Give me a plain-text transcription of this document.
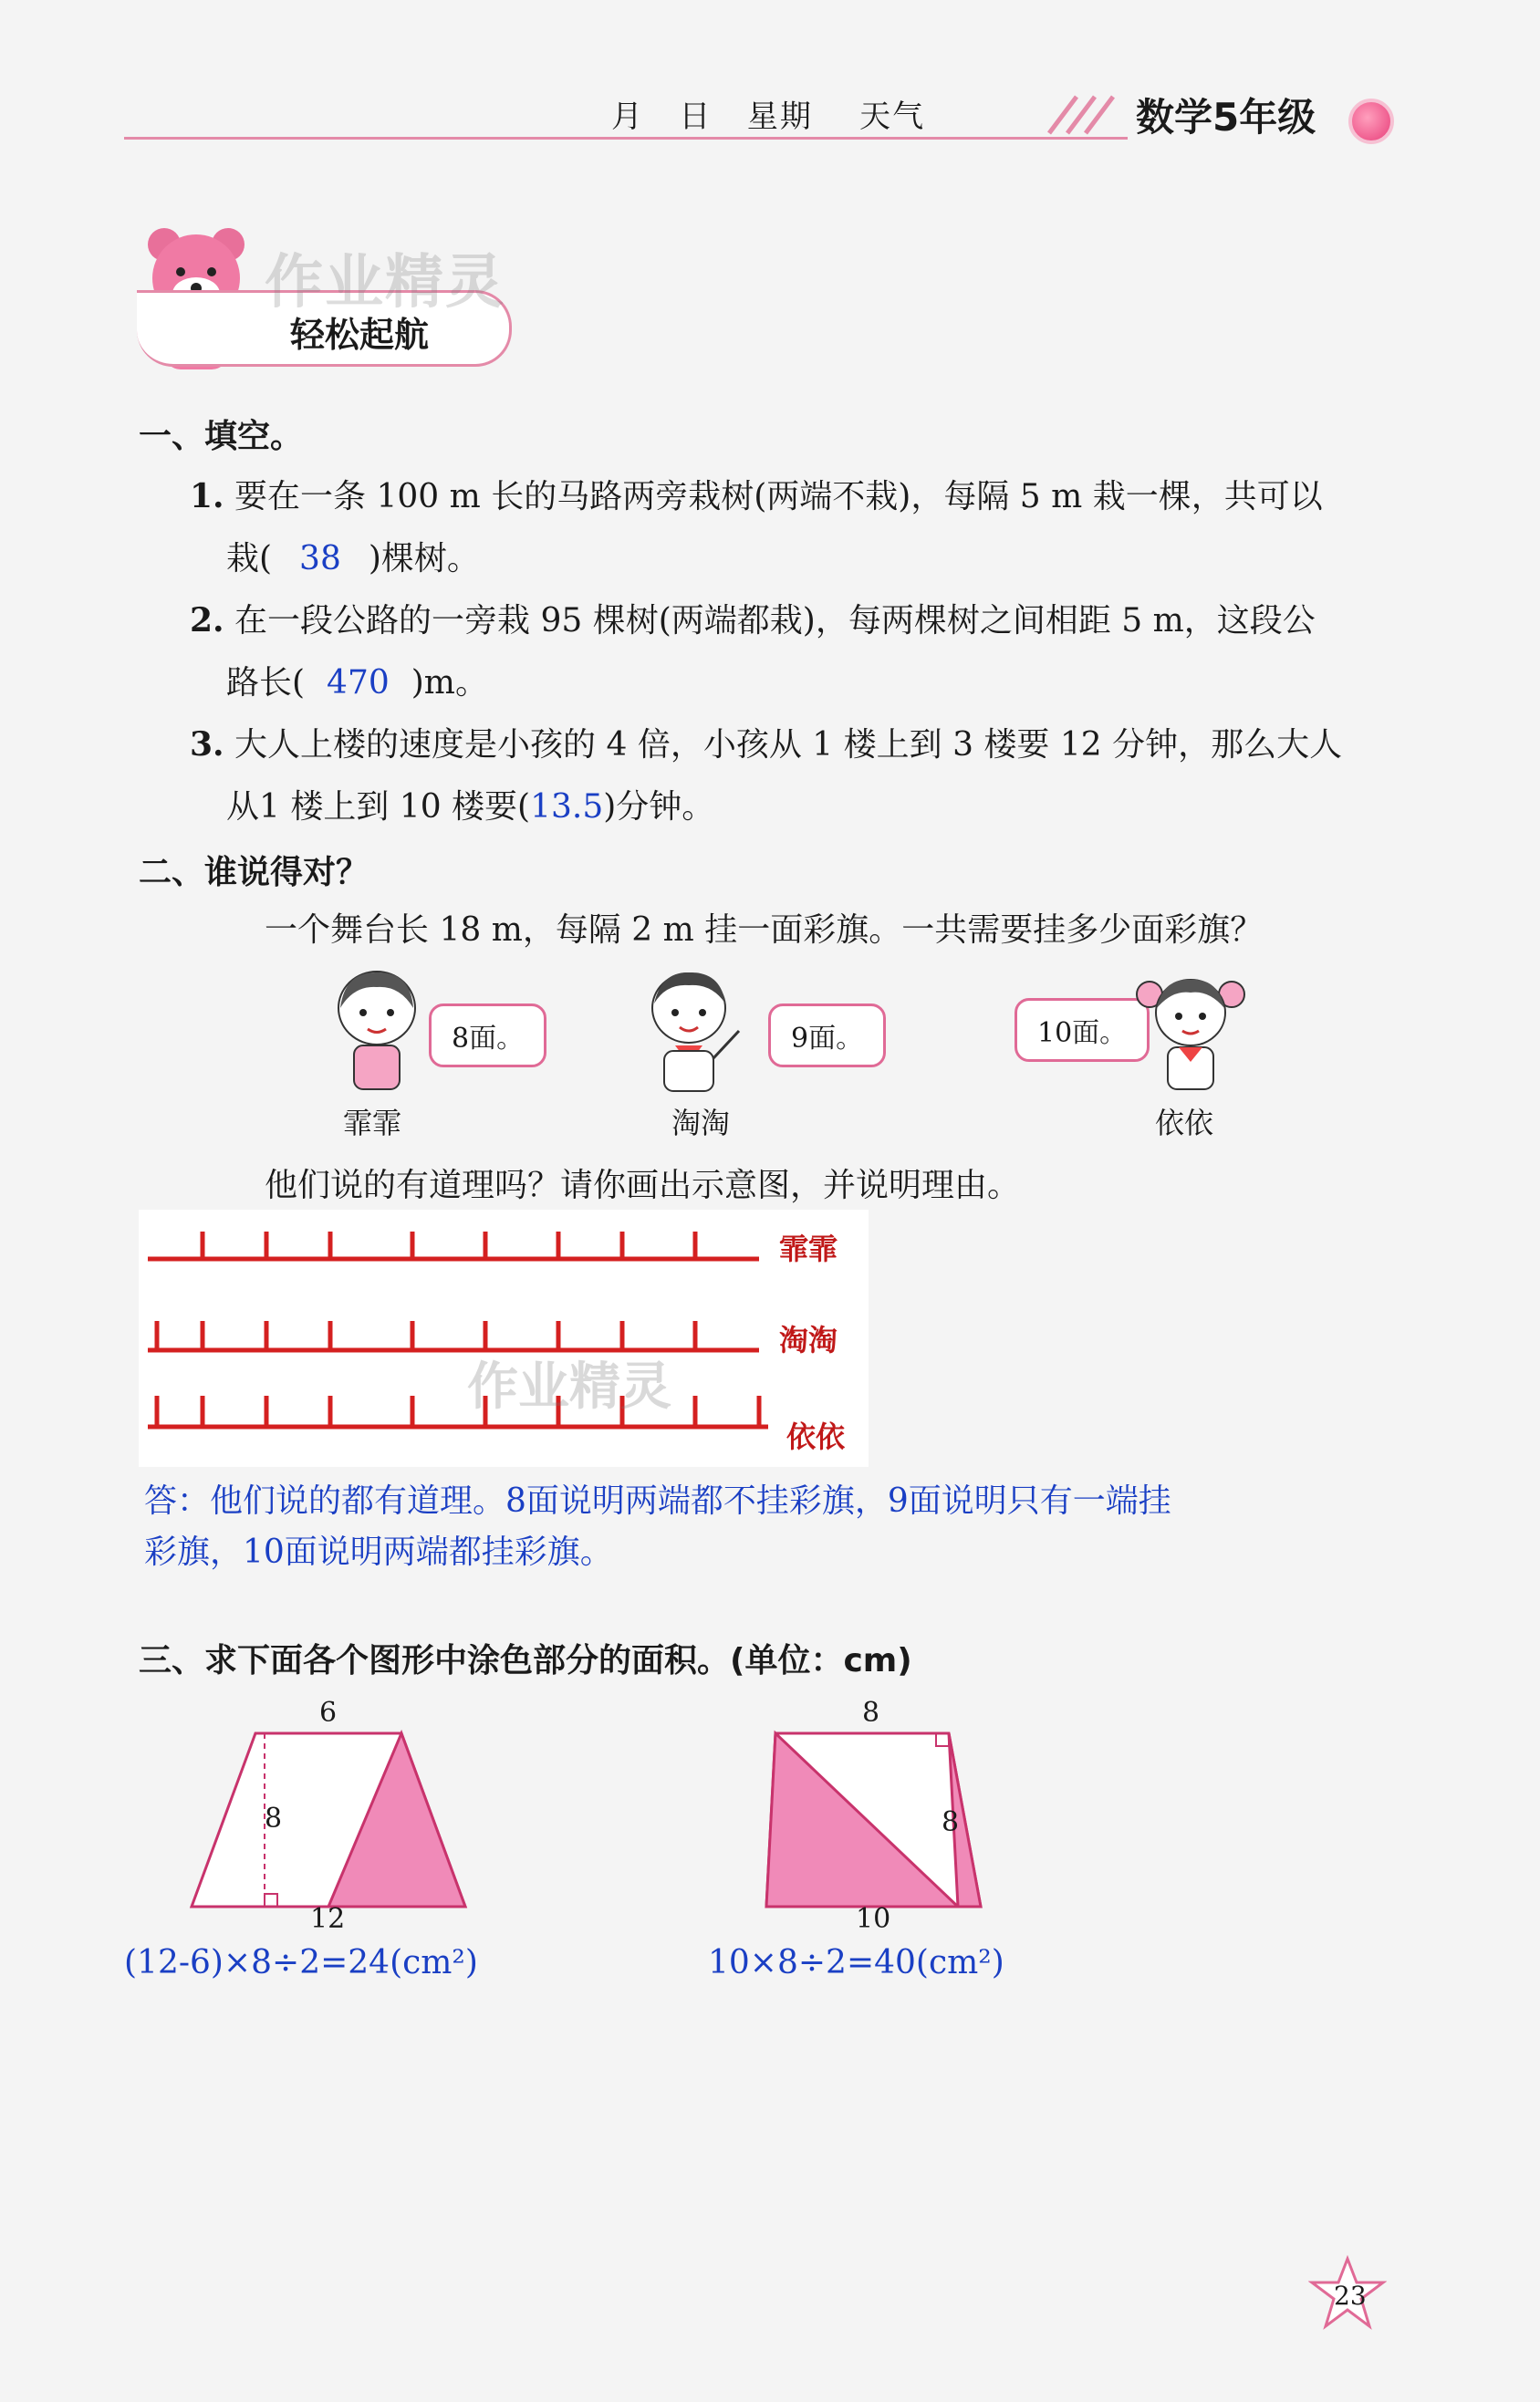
月   日   星期    天气	数学5年级
作业精灵
轻松起航
一、填空。
1. 要在一条 100 m 长的马路两旁栽树(两端不栽)，每隔 5 m 栽一棵，共可以
栽( 38 )棵树。
2. 在一段公路的一旁栽 95 棵树(两端都栽)，每两棵树之间相距 5 m，这段公
路长( 470 )m。
3. 大人上楼的速度是小孩的 4 倍，小孩从 1 楼上到 3 楼要 12 分钟，那么大人
从1 楼上到 10 楼要(13.5)分钟。
二、谁说得对？
一个舞台长 18 m，每隔 2 m 挂一面彩旗。一共需要挂多少面彩旗？
8面。
霏霏
9面。
淘淘
10面。
依依
他们说的有道理吗？请你画出示意图，并说明理由。
霏霏
淘淘
依依
作业精灵
答：他们说的都有道理。8面说明两端都不挂彩旗，9面说明只有一端挂
彩旗，10面说明两端都挂彩旗。
三、求下面各个图形中涂色部分的面积。(单位：cm)
6
8
12
8
8
10
(12-6)×8÷2=24(cm²)	10×8÷2=40(cm²)
23
